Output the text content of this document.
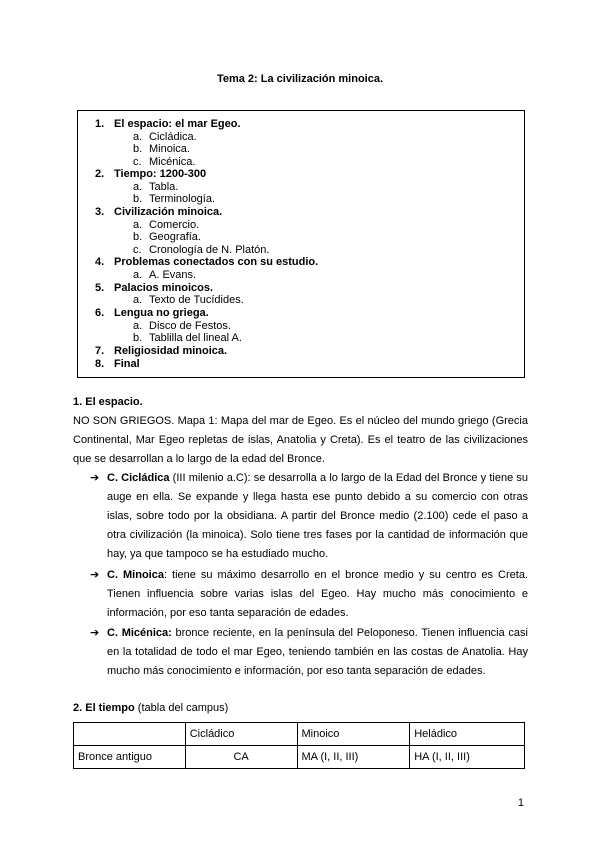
Tema 2: La civilización minoica.
1. El espacio: el mar Egeo.
a. Cicládica.
b. Minoica.
c. Micénica.
2. Tiempo: 1200-300
a. Tabla.
b. Terminología.
3. Civilización minoica.
a. Comercio.
b. Geografía.
c. Cronología de N. Platón.
4. Problemas conectados con su estudio.
a. A. Evans.
5. Palacios minoicos.
a. Texto de Tucídides.
6. Lengua no griega.
a. Disco de Festos.
b. Tablilla del lineal A.
7. Religiosidad minoica.
8. Final
1. El espacio.
NO SON GRIEGOS. Mapa 1: Mapa del mar de Egeo. Es el núcleo del mundo griego (Grecia Continental, Mar Egeo repletas de islas, Anatolia y Creta). Es el teatro de las civilizaciones que se desarrollan a lo largo de la edad del Bronce.
➔ C. Cicládica (III milenio a.C): se desarrolla a lo largo de la Edad del Bronce y tiene su auge en ella. Se expande y llega hasta ese punto debido a su comercio con otras islas, sobre todo por la obsidiana. A partir del Bronce medio (2.100) cede el paso a otra civilización (la minoica). Solo tiene tres fases por la cantidad de información que hay, ya que tampoco se ha estudiado mucho.
➔ C. Minoica: tiene su máximo desarrollo en el bronce medio y su centro es Creta. Tienen influencia sobre varias islas del Egeo. Hay mucho más conocimiento e información, por eso tanta separación de edades.
➔ C. Micénica: bronce reciente, en la península del Peloponeso. Tienen influencia casi en la totalidad de todo el mar Egeo, teniendo también en las costas de Anatolia. Hay mucho más conocimiento e información, por eso tanta separación de edades.
2. El tiempo (tabla del campus)
	Cicládico	Minoico	Heládico
Bronce antiguo	CA	MA (I, II, III)	HA (I, II, III)
1
